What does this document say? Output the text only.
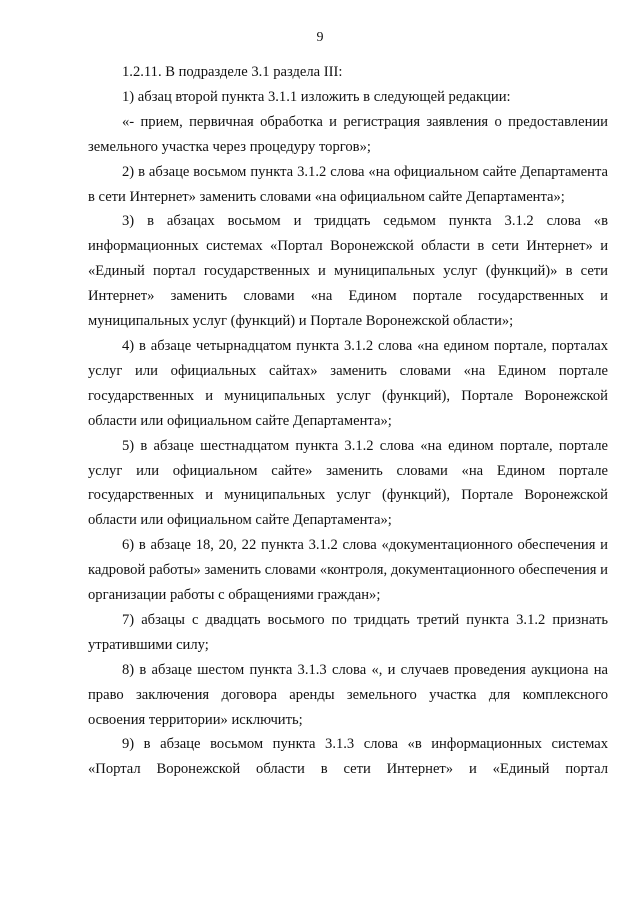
9

1.2.11. В подразделе 3.1 раздела III:

1) абзац второй пункта 3.1.1 изложить в следующей редакции:

«- прием, первичная обработка и регистрация заявления о предоставлении земельного участка через процедуру торгов»;

2) в абзаце восьмом пункта 3.1.2 слова «на официальном сайте Департамента в сети Интернет» заменить словами «на официальном сайте Департамента»;

3) в абзацах восьмом и тридцать седьмом пункта 3.1.2 слова «в информационных системах «Портал Воронежской области в сети Интернет» и «Единый портал государственных и муниципальных услуг (функций)» в сети Интернет» заменить словами «на Едином портале государственных и муниципальных услуг (функций) и Портале Воронежской области»;

4) в абзаце четырнадцатом пункта 3.1.2 слова «на едином портале, порталах услуг или официальных сайтах» заменить словами «на Едином портале государственных и муниципальных услуг (функций), Портале Воронежской области или официальном сайте Департамента»;

5) в абзаце шестнадцатом пункта 3.1.2 слова «на едином портале, портале услуг или официальном сайте» заменить словами «на Едином портале государственных и муниципальных услуг (функций), Портале Воронежской области или официальном сайте Департамента»;

6) в абзаце 18, 20, 22 пункта 3.1.2 слова «документационного обеспечения и кадровой работы» заменить словами «контроля, документационного обеспечения и организации работы с обращениями граждан»;

7) абзацы с двадцать восьмого по тридцать третий пункта 3.1.2 признать утратившими силу;

8) в абзаце шестом пункта 3.1.3 слова «, и случаев проведения аукциона на право заключения договора аренды земельного участка для комплексного освоения территории» исключить;

9) в абзаце восьмом пункта 3.1.3 слова «в информационных системах «Портал Воронежской области в сети Интернет» и «Единый портал
